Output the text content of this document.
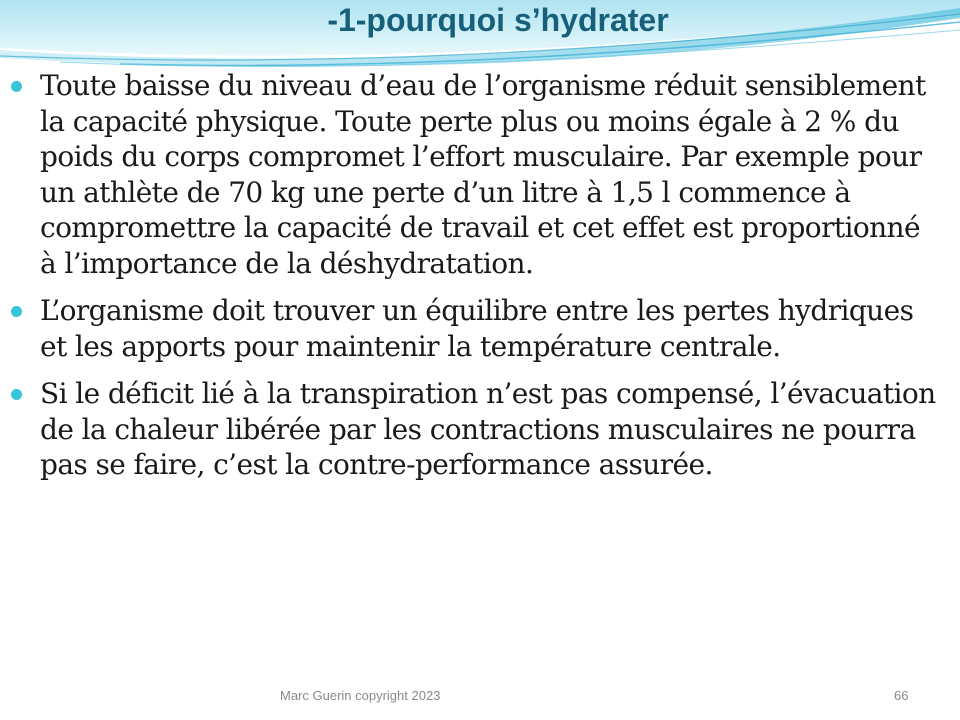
-1-pourquoi s’hydrater
Toute baisse du niveau d’eau de l’organisme réduit sensiblement la capacité physique. Toute perte plus ou moins égale à 2 % du poids du corps compromet l’effort musculaire. Par exemple pour un athlète de 70 kg une perte d’un litre à 1,5 l commence à compromettre la capacité de travail et cet effet est proportionné à l’importance de la déshydratation.
L’organisme doit trouver un équilibre entre les pertes hydriques et les apports pour maintenir la température centrale.
Si le déficit lié à la transpiration n’est pas compensé, l’évacuation de la chaleur libérée par les contractions musculaires ne pourra pas se faire, c’est la contre-performance assurée.
Marc Guerin copyright 2023	66
